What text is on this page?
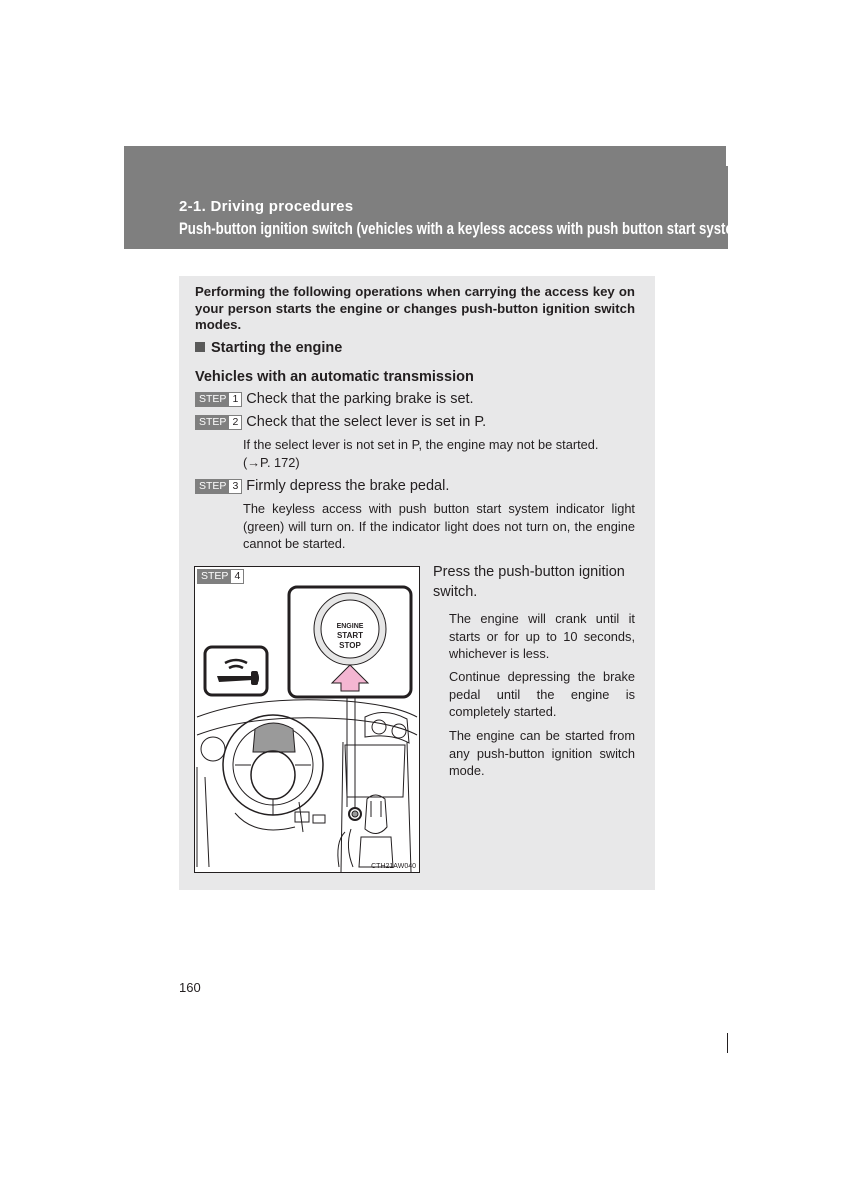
2-1. Driving procedures
Push-button ignition switch (vehicles with a keyless access with push button start system)
Performing the following operations when carrying the access key on your person starts the engine or changes push-button ignition switch modes.
Starting the engine
Vehicles with an automatic transmission
STEP 1 Check that the parking brake is set.
STEP 2 Check that the select lever is set in P.
If the select lever is not set in P, the engine may not be started.
(→P. 172)
STEP 3 Firmly depress the brake pedal.
The keyless access with push button start system indicator light (green) will turn on. If the indicator light does not turn on, the engine cannot be started.
STEP 4
ENGINE
START
STOP
CTH21AW040
Press the push-button ignition switch.
The engine will crank until it starts or for up to 10 seconds, whichever is less.
Continue depressing the brake pedal until the engine is completely started.
The engine can be started from any push-button ignition switch mode.
160
